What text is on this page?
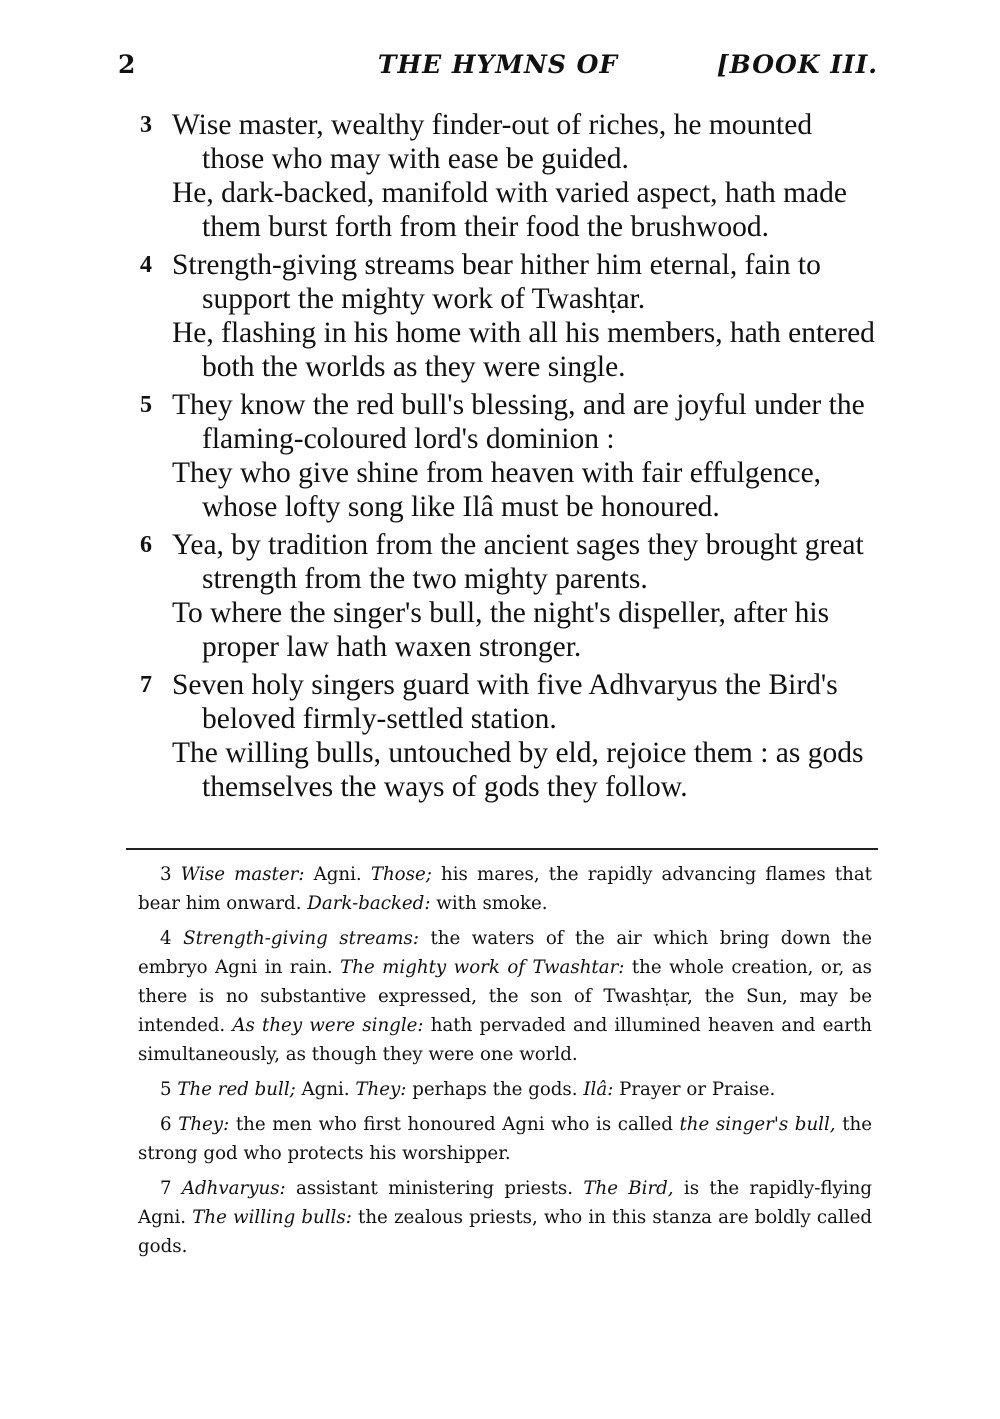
2	THE HYMNS OF	[BOOK III.
3 Wise master, wealthy finder-out of riches, he mounted those who may with ease be guided.
He, dark-backed, manifold with varied aspect, hath made them burst forth from their food the brushwood.
4 Strength-giving streams bear hither him eternal, fain to support the mighty work of Twashṭar.
He, flashing in his home with all his members, hath entered both the worlds as they were single.
5 They know the red bull's blessing, and are joyful under the flaming-coloured lord's dominion :
They who give shine from heaven with fair effulgence, whose lofty song like Ilâ must be honoured.
6 Yea, by tradition from the ancient sages they brought great strength from the two mighty parents.
To where the singer's bull, the night's dispeller, after his proper law hath waxen stronger.
7 Seven holy singers guard with five Adhvaryus the Bird's beloved firmly-settled station.
The willing bulls, untouched by eld, rejoice them : as gods themselves the ways of gods they follow.

3 Wise master: Agni. Those; his mares, the rapidly advancing flames that bear him onward. Dark-backed: with smoke.

4 Strength-giving streams: the waters of the air which bring down the embryo Agni in rain. The mighty work of Twashtar: the whole creation, or, as there is no substantive expressed, the son of Twashṭar, the Sun, may be intended. As they were single: hath pervaded and illumined heaven and earth simultaneously, as though they were one world.

5 The red bull; Agni. They: perhaps the gods. Ilâ: Prayer or Praise.

6 They: the men who first honoured Agni who is called the singer's bull, the strong god who protects his worshipper.

7 Adhvaryus: assistant ministering priests. The Bird, is the rapidly-flying Agni. The willing bulls: the zealous priests, who in this stanza are boldly called gods.
